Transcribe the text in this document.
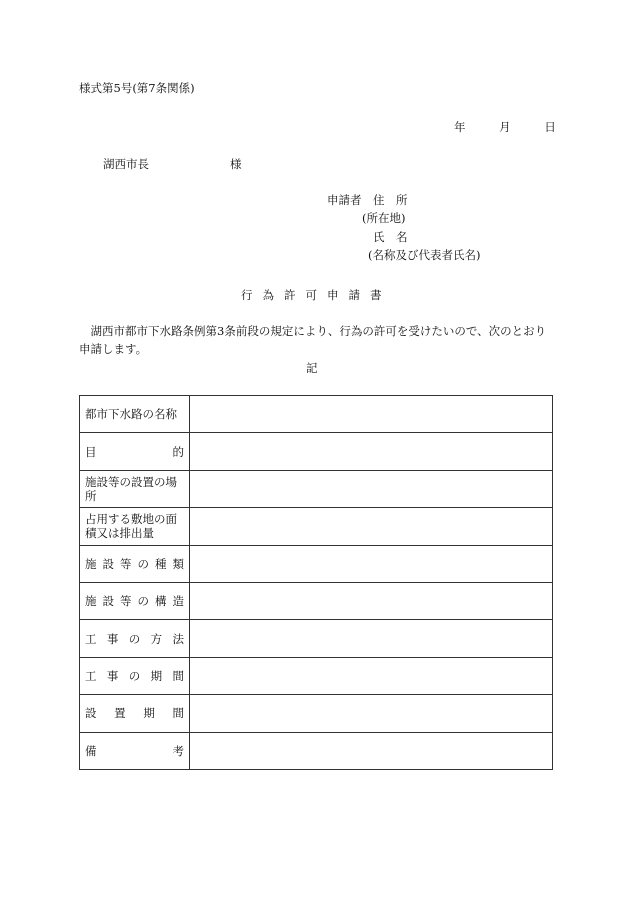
様式第5号(第7条関係)
年	月	日
湖西市長	様
申請者 住　所
(所在地)
氏　名
(名称及び代表者氏名)
行 為 許 可 申 請 書
　湖西市都市下水路条例第3条前段の規定により、行為の許可を受けたいので、次のとおり申請します。
記
都市下水路の名称	
目　　　　　的	
施設等の設置の場所	
占用する敷地の面積又は排出量	
施 設 等 の 種 類	
施 設 等 の 構 造	
工 事 の 方 法	
工 事 の 期 間	
設　置　期　間	
備　　　　　考	
